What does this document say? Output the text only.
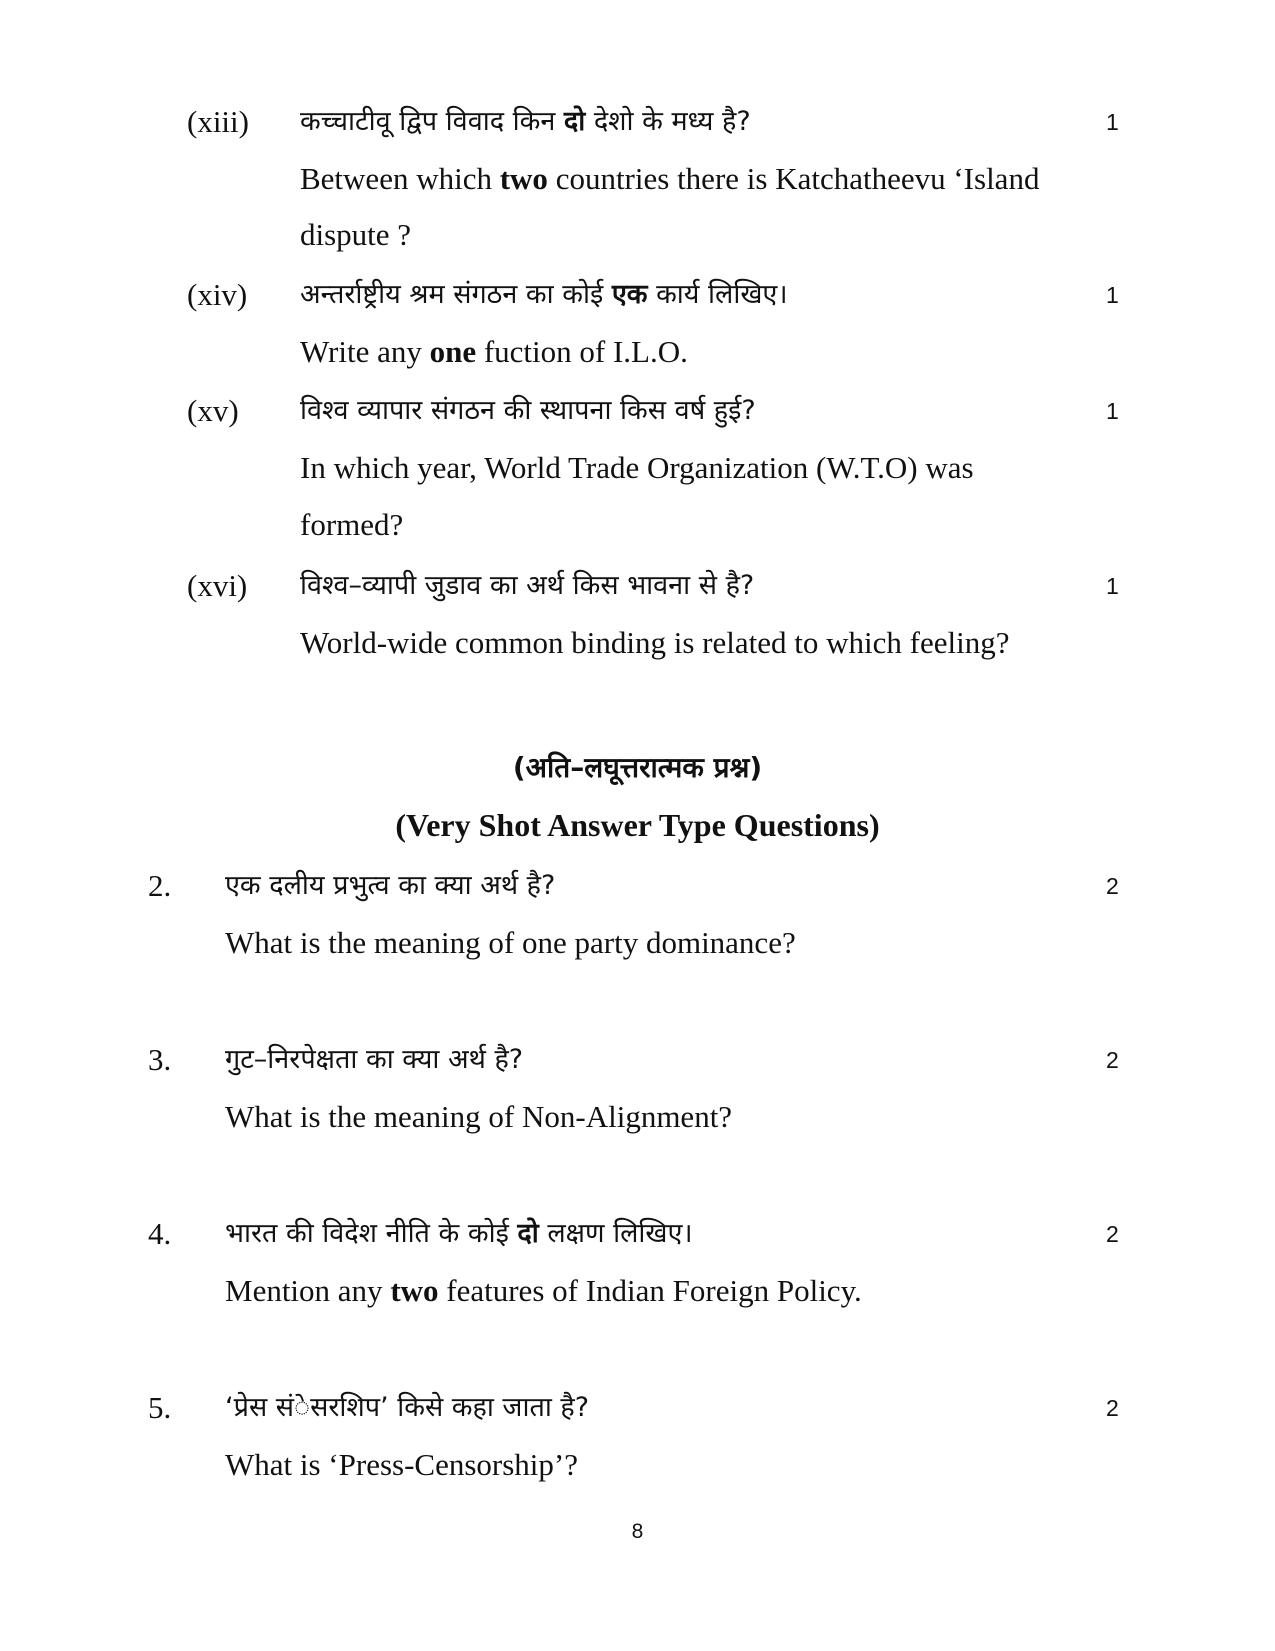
(xiii) कच्चाटीवू द्विप विवाद किन दो देशो के मध्य है?	1
Between which two countries there is Katchatheevu ‘Island
dispute ?
(xiv) अन्तर्राष्ट्रीय श्रम संगठन का कोई एक कार्य लिखिए।	1
Write any one fuction of I.L.O.
(xv) विश्व व्यापार संगठन की स्थापना किस वर्ष हुई?	1
In which year, World Trade Organization (W.T.O) was
formed?
(xvi) विश्व–व्यापी जुडाव का अर्थ किस भावना से है?	1
World-wide common binding is related to which feeling?
(अति–लघूत्तरात्मक प्रश्न)
(Very Shot Answer Type Questions)
2. एक दलीय प्रभुत्व का क्या अर्थ है?	2
What is the meaning of one party dominance?
3. गुट–निरपेक्षता का क्या अर्थ है?	2
What is the meaning of Non-Alignment?
4. भारत की विदेश नीति के कोई दो लक्षण लिखिए।	2
Mention any two features of Indian Foreign Policy.
5. ‘प्रेस संेसरशिप’ किसे कहा जाता है?	2
What is ‘Press-Censorship’?
8
